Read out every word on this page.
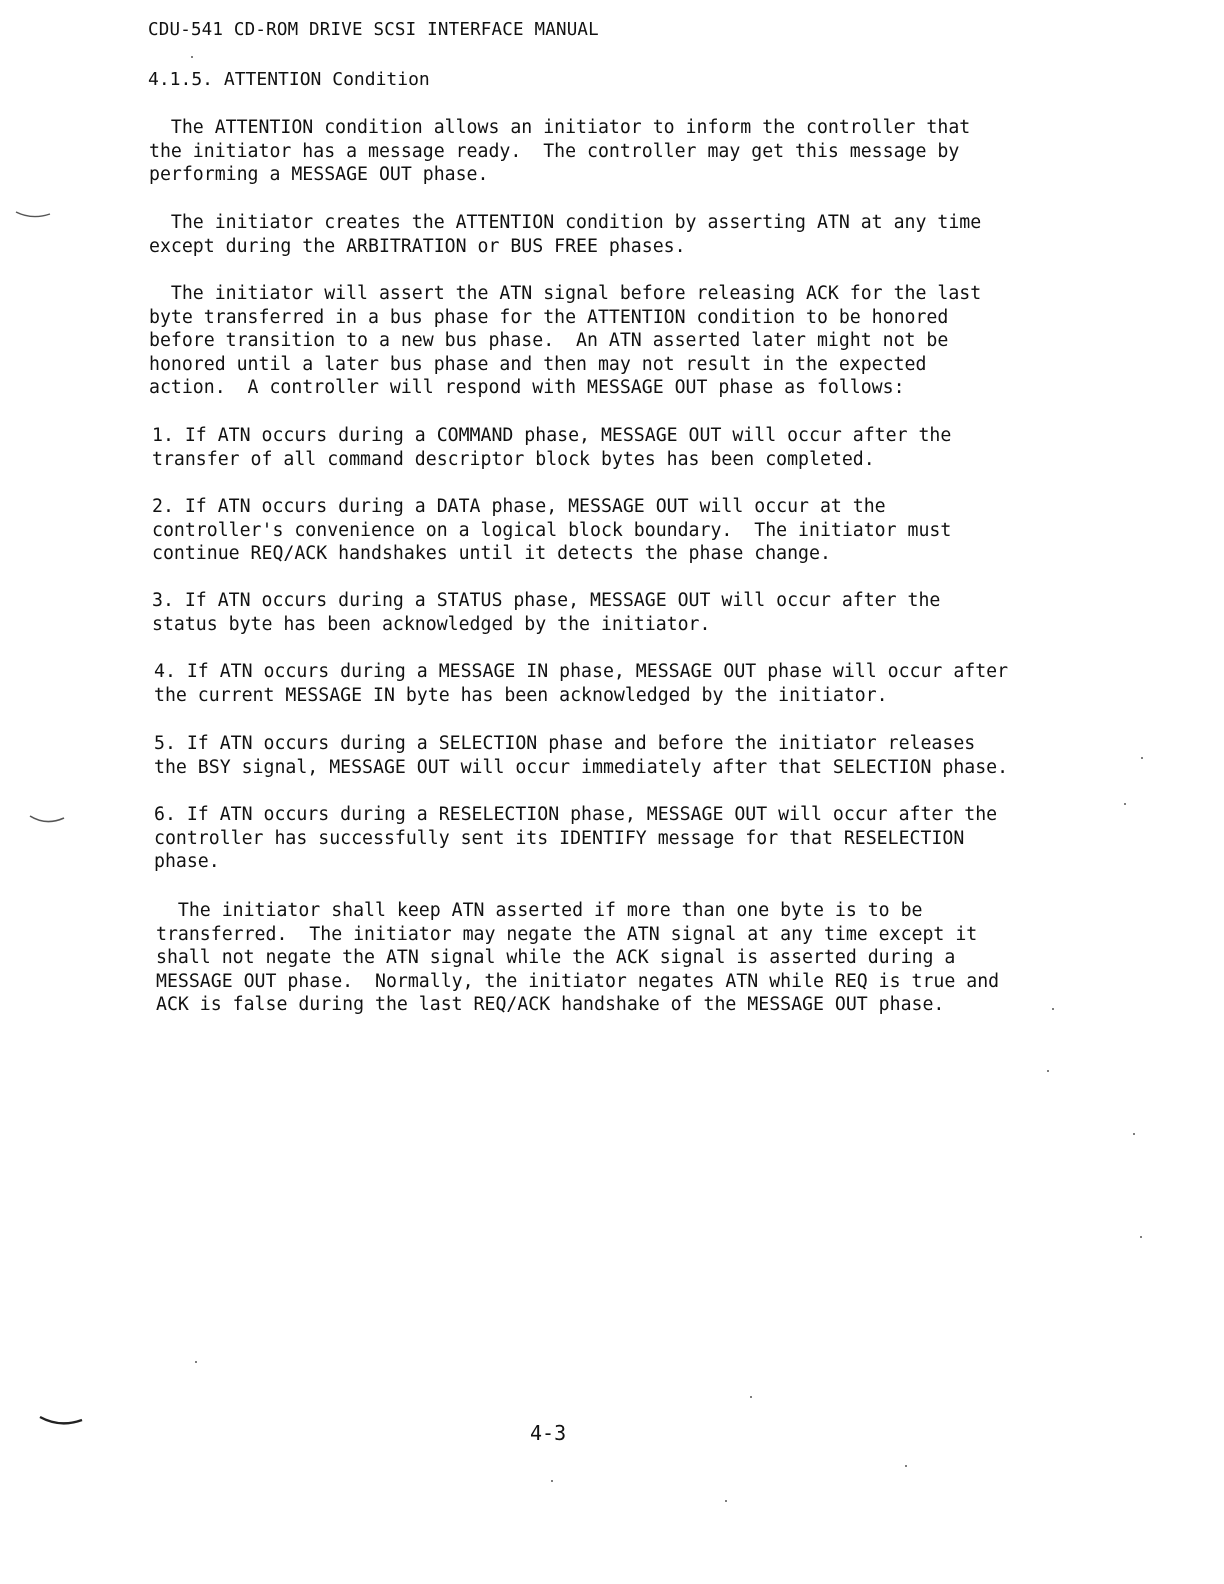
CDU-541 CD-ROM DRIVE SCSI INTERFACE MANUAL
4.1.5. ATTENTION Condition
The ATTENTION condition allows an initiator to inform the controller that
the initiator has a message ready.  The controller may get this message by
performing a MESSAGE OUT phase.
The initiator creates the ATTENTION condition by asserting ATN at any time
except during the ARBITRATION or BUS FREE phases.
The initiator will assert the ATN signal before releasing ACK for the last
byte transferred in a bus phase for the ATTENTION condition to be honored
before transition to a new bus phase.  An ATN asserted later might not be
honored until a later bus phase and then may not result in the expected
action.  A controller will respond with MESSAGE OUT phase as follows:
1. If ATN occurs during a COMMAND phase, MESSAGE OUT will occur after the
transfer of all command descriptor block bytes has been completed.
2. If ATN occurs during a DATA phase, MESSAGE OUT will occur at the
controller's convenience on a logical block boundary.  The initiator must
continue REQ/ACK handshakes until it detects the phase change.
3. If ATN occurs during a STATUS phase, MESSAGE OUT will occur after the
status byte has been acknowledged by the initiator.
4. If ATN occurs during a MESSAGE IN phase, MESSAGE OUT phase will occur after
the current MESSAGE IN byte has been acknowledged by the initiator.
5. If ATN occurs during a SELECTION phase and before the initiator releases
the BSY signal, MESSAGE OUT will occur immediately after that SELECTION phase.
6. If ATN occurs during a RESELECTION phase, MESSAGE OUT will occur after the
controller has successfully sent its IDENTIFY message for that RESELECTION
phase.
The initiator shall keep ATN asserted if more than one byte is to be
transferred.  The initiator may negate the ATN signal at any time except it
shall not negate the ATN signal while the ACK signal is asserted during a
MESSAGE OUT phase.  Normally, the initiator negates ATN while REQ is true and
ACK is false during the last REQ/ACK handshake of the MESSAGE OUT phase.
4-3
